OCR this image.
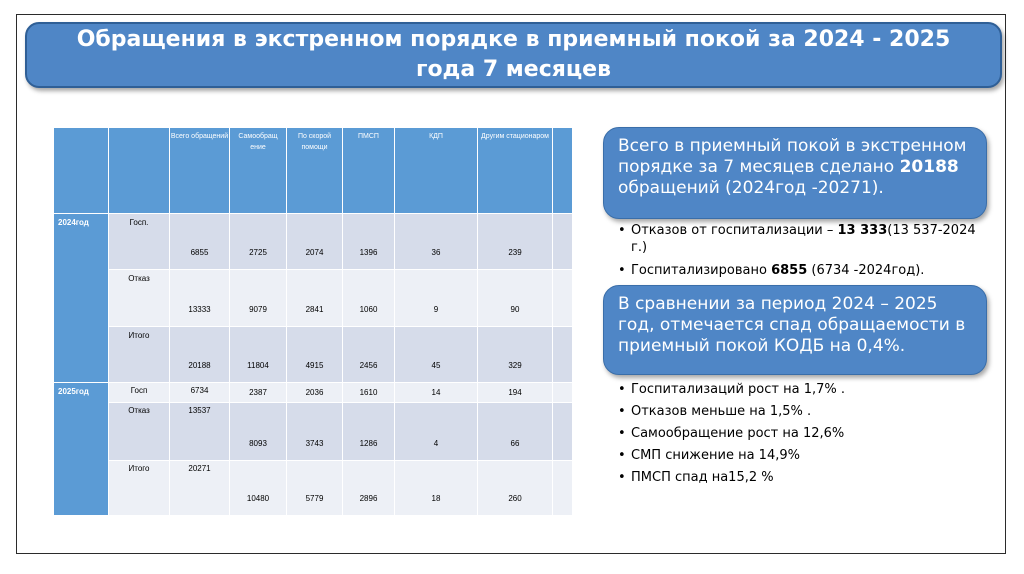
Обращения в экстренном порядке в приемный покой за 2024 - 2025 года 7 месяцев
		Всего обращений	Самообращ ение	По скорой помощи	ПМСП	КДП	Другим стационаром	
2024год	Госп.	6855	2725	2074	1396	36	239	
	Отказ	13333	9079	2841	1060	9	90	
	Итого	20188	11804	4915	2456	45	329	
2025год	Госп	6734	2387	2036	1610	14	194	
	Отказ	13537	8093	3743	1286	4	66	
	Итого	20271	10480	5779	2896	18	260	
Всего в приемный покой в экстренном порядке за 7 месяцев сделано 20188 обращений (2024год -20271).
• Отказов от госпитализации – 13 333(13 537-2024 г.)
• Госпитализировано 6855 (6734 -2024год).
В сравнении за период 2024 – 2025 год, отмечается спад обращаемости в приемный покой КОДБ на 0,4%.
• Госпитализаций рост на 1,7% .
• Отказов меньше на 1,5% .
• Самообращение рост на 12,6%
• СМП снижение на 14,9%
• ПМСП спад на15,2 %
